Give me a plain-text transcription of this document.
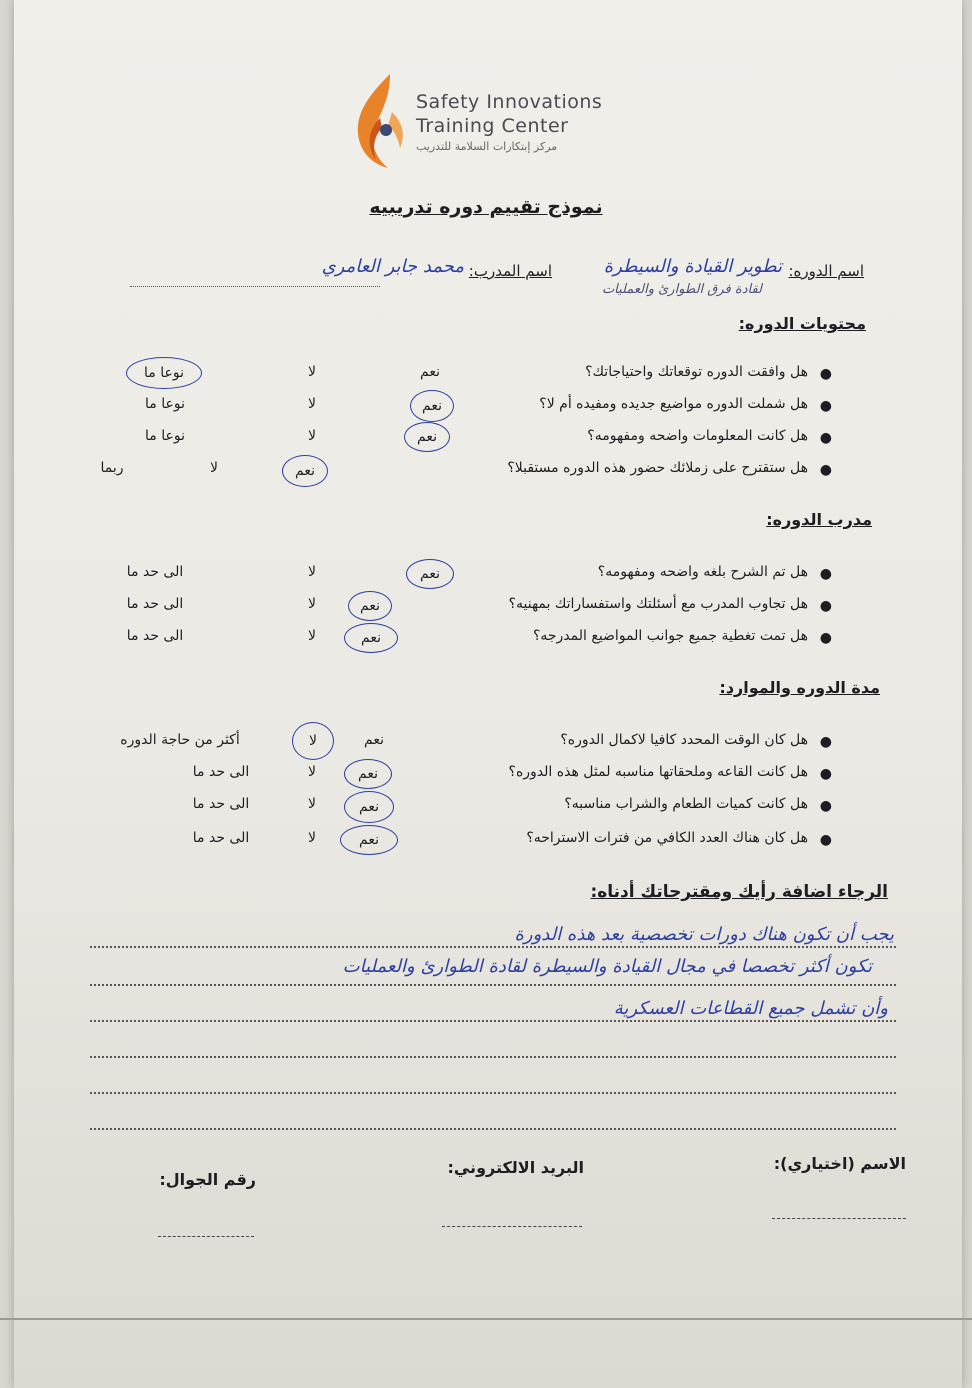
Safety Innovations
Training Center
مركز إبتكارات السلامة للتدريب
نموذج تقييم دوره تدريبيه
اسم الدوره:
تطوير القيادة والسيطرة
لقادة فرق الطوارئ والعمليات
اسم المدرب:
محمد جابر العامري
محتويات الدوره:
●
هل وافقت الدوره توقعاتك واحتياجاتك؟
نعم
لا
نوعا ما
●
هل شملت الدوره مواضيع جديده ومفيده أم لا؟
نعم
لا
نوعا ما
●
هل كانت المعلومات واضحه ومفهومه؟
نعم
لا
نوعا ما
●
هل ستقترح على زملائك حضور هذه الدوره مستقبلا؟
نعم
لا
ربما
مدرب الدوره:
●
هل تم الشرح بلغه واضحه ومفهومه؟
نعم
لا
الى حد ما
●
هل تجاوب المدرب مع أسئلتك واستفساراتك بمهنيه؟
نعم
لا
الى حد ما
●
هل تمت تغطية جميع جوانب المواضيع المدرجه؟
نعم
لا
الى حد ما
مدة الدوره والموارد:
●
هل كان الوقت المحدد كافيا لاكمال الدوره؟
نعم
لا
أكثر من حاجة الدوره
●
هل كانت القاعه وملحقاتها مناسبه لمثل هذه الدوره؟
نعم
لا
الى حد ما
●
هل كانت كميات الطعام والشراب مناسبه؟
نعم
لا
الى حد ما
●
هل كان هناك العدد الكافي من فترات الاستراحه؟
نعم
لا
الى حد ما
الرجاء اضافة رأيك ومقترحاتك أدناه:
يجب أن تكون هناك دورات تخصصية بعد هذه الدورة
تكون أكثر تخصصا في مجال القيادة والسيطرة لقادة الطوارئ والعمليات
وأن تشمل جميع القطاعات العسكرية
الاسم (اختياري):
البريد الالكتروني:
رقم الجوال:
